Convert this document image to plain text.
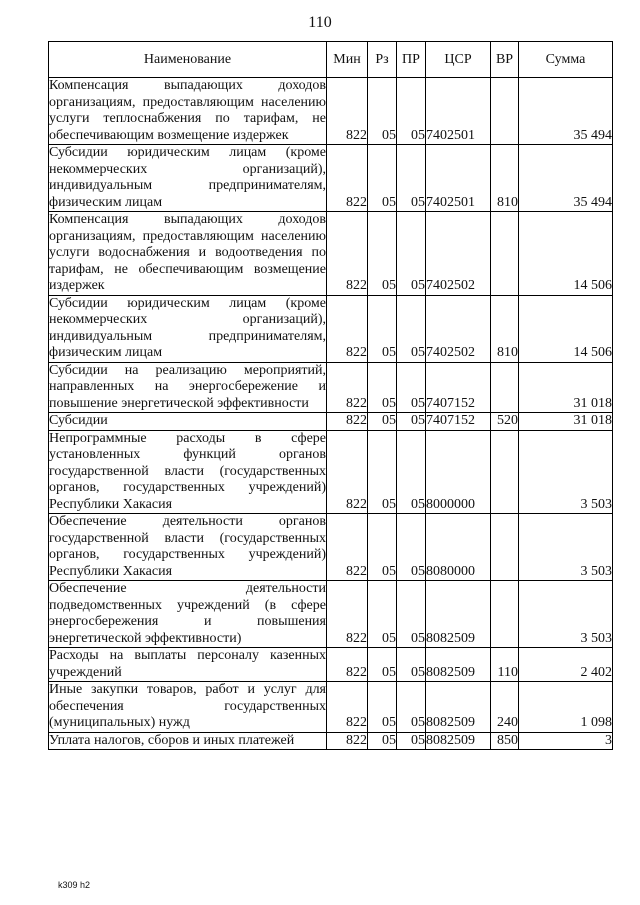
110
Наименование	Мин	Рз	ПР	ЦСР	ВР	Сумма
Компенсация выпадающих доходов организациям, предоставляющим населению услуги теплоснабжения по тарифам, не обеспечивающим возмещение издержек	822	05	05	7402501		35 494
Субсидии юридическим лицам (кроме некоммерческих организаций), индивидуальным предпринимателям, физическим лицам	822	05	05	7402501	810	35 494
Компенсация выпадающих доходов организациям, предоставляющим населению услуги водоснабжения и водоотведения по тарифам, не обеспечивающим возмещение издержек	822	05	05	7402502		14 506
Субсидии юридическим лицам (кроме некоммерческих организаций), индивидуальным предпринимателям, физическим лицам	822	05	05	7402502	810	14 506
Субсидии на реализацию мероприятий, направленных на энергосбережение и повышение энергетической эффективности	822	05	05	7407152		31 018
Субсидии	822	05	05	7407152	520	31 018
Непрограммные расходы в сфере установленных функций органов государственной власти (государственных органов, государственных учреждений) Республики Хакасия	822	05	05	8000000		3 503
Обеспечение деятельности органов государственной власти (государственных органов, государственных учреждений) Республики Хакасия	822	05	05	8080000		3 503
Обеспечение деятельности подведомственных учреждений (в сфере энергосбережения и повышения энергетической эффективности)	822	05	05	8082509		3 503
Расходы на выплаты персоналу казенных учреждений	822	05	05	8082509	110	2 402
Иные закупки товаров, работ и услуг для обеспечения государственных (муниципальных) нужд	822	05	05	8082509	240	1 098
Уплата налогов, сборов и иных платежей	822	05	05	8082509	850	3
k309 h2
